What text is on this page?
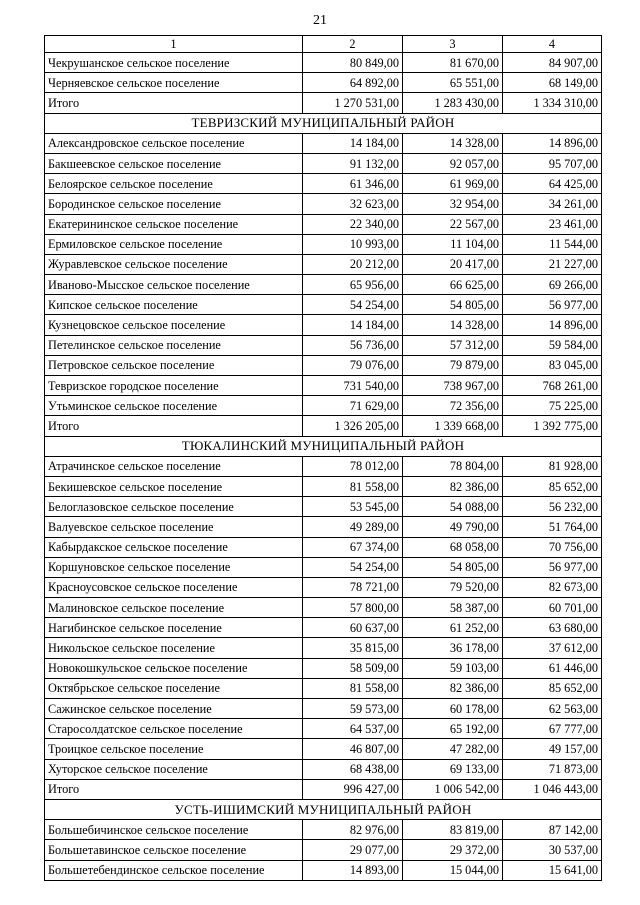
21
1	2	3	4
Чекрушанское сельское поселение	80 849,00	81 670,00	84 907,00
Черняевское сельское поселение	64 892,00	65 551,00	68 149,00
Итого	1 270 531,00	1 283 430,00	1 334 310,00
ТЕВРИЗСКИЙ МУНИЦИПАЛЬНЫЙ РАЙОН			
Александровское сельское поселение	14 184,00	14 328,00	14 896,00
Бакшеевское сельское поселение	91 132,00	92 057,00	95 707,00
Белоярское сельское поселение	61 346,00	61 969,00	64 425,00
Бородинское сельское поселение	32 623,00	32 954,00	34 261,00
Екатерининское сельское поселение	22 340,00	22 567,00	23 461,00
Ермиловское сельское поселение	10 993,00	11 104,00	11 544,00
Журавлевское сельское поселение	20 212,00	20 417,00	21 227,00
Иваново-Мысское сельское поселение	65 956,00	66 625,00	69 266,00
Кипское сельское поселение	54 254,00	54 805,00	56 977,00
Кузнецовское сельское поселение	14 184,00	14 328,00	14 896,00
Петелинское сельское поселение	56 736,00	57 312,00	59 584,00
Петровское сельское поселение	79 076,00	79 879,00	83 045,00
Тевризское городское поселение	731 540,00	738 967,00	768 261,00
Утьминское сельское поселение	71 629,00	72 356,00	75 225,00
Итого	1 326 205,00	1 339 668,00	1 392 775,00
ТЮКАЛИНСКИЙ МУНИЦИПАЛЬНЫЙ РАЙОН			
Атрачинское сельское поселение	78 012,00	78 804,00	81 928,00
Бекишевское сельское поселение	81 558,00	82 386,00	85 652,00
Белоглазовское сельское поселение	53 545,00	54 088,00	56 232,00
Валуевское сельское поселение	49 289,00	49 790,00	51 764,00
Кабырдакское сельское поселение	67 374,00	68 058,00	70 756,00
Коршуновское сельское поселение	54 254,00	54 805,00	56 977,00
Красноусовское сельское поселение	78 721,00	79 520,00	82 673,00
Малиновское сельское поселение	57 800,00	58 387,00	60 701,00
Нагибинское сельское поселение	60 637,00	61 252,00	63 680,00
Никольское сельское поселение	35 815,00	36 178,00	37 612,00
Новокошкульское сельское поселение	58 509,00	59 103,00	61 446,00
Октябрьское сельское поселение	81 558,00	82 386,00	85 652,00
Сажинское сельское поселение	59 573,00	60 178,00	62 563,00
Старосолдатское сельское поселение	64 537,00	65 192,00	67 777,00
Троицкое сельское поселение	46 807,00	47 282,00	49 157,00
Хуторское сельское поселение	68 438,00	69 133,00	71 873,00
Итого	996 427,00	1 006 542,00	1 046 443,00
УСТЬ-ИШИМСКИЙ МУНИЦИПАЛЬНЫЙ РАЙОН			
Большебичинское сельское поселение	82 976,00	83 819,00	87 142,00
Большетавинское сельское поселение	29 077,00	29 372,00	30 537,00
Большетебендинское сельское поселение	14 893,00	15 044,00	15 641,00
